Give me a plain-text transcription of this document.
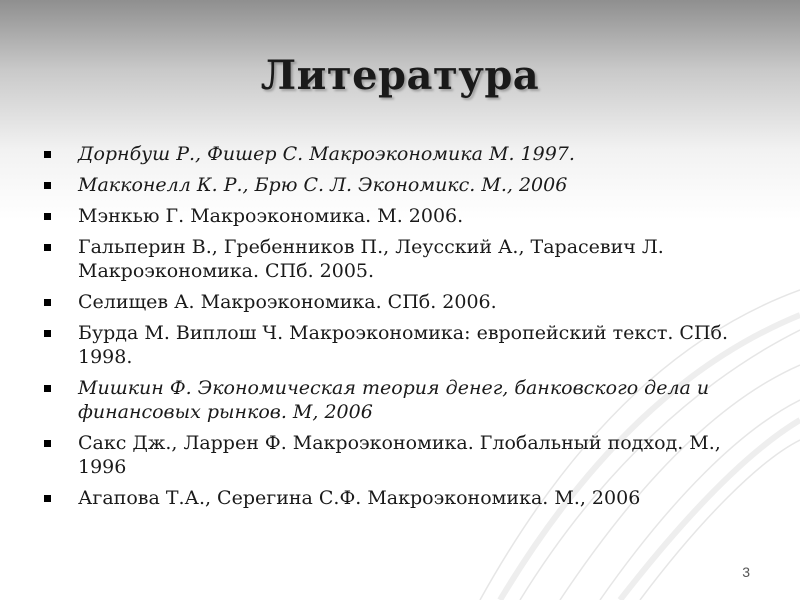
Литература
Дорнбуш Р., Фишер С. Макроэкономика М. 1997.
Макконелл К. Р., Брю С. Л. Экономикс. М., 2006
Мэнкью Г. Макроэкономика. М. 2006.
Гальперин В., Гребенников П., Леусский А., Тарасевич Л. Макроэкономика. СПб. 2005.
Селищев А. Макроэкономика. СПб. 2006.
Бурда М. Виплош Ч. Макроэкономика: европейский текст. СПб. 1998.
Мишкин Ф. Экономическая теория денег, банковского дела и финансовых рынков. М, 2006
Сакс Дж., Ларрен Ф. Макроэкономика. Глобальный подход. М., 1996
Агапова Т.А., Серегина С.Ф. Макроэкономика. М., 2006
3
